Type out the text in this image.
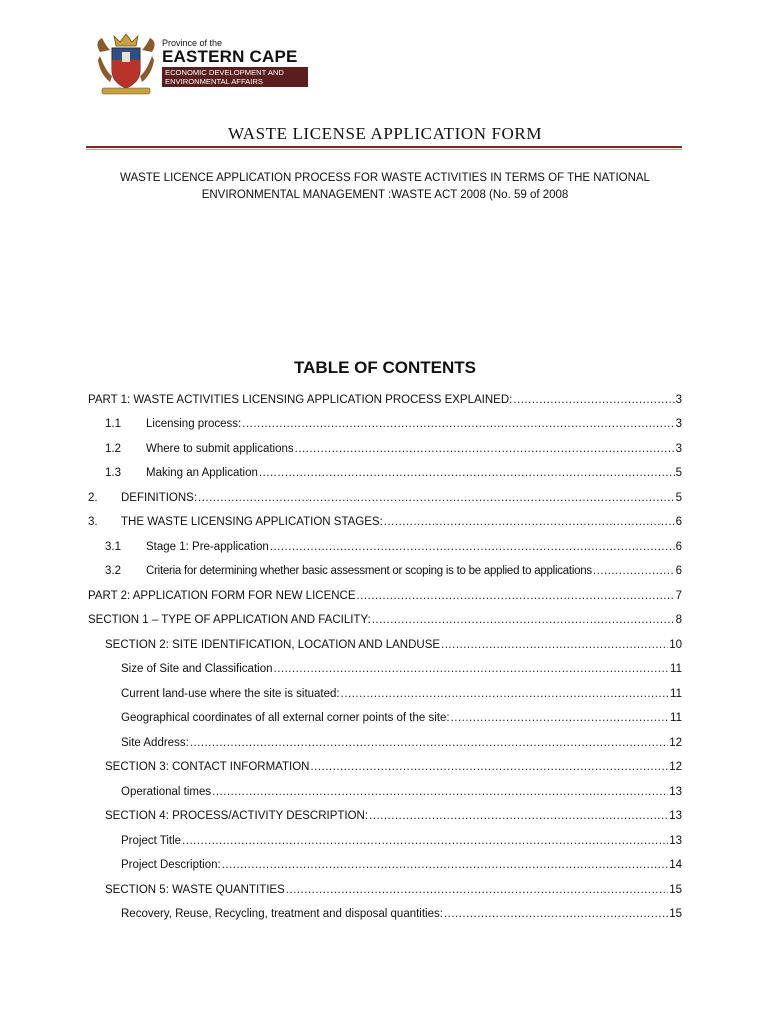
Province of the
EASTERN CAPE
ECONOMIC DEVELOPMENT AND
ENVIRONMENTAL AFFAIRS
WASTE LICENSE APPLICATION FORM
WASTE LICENCE APPLICATION PROCESS FOR WASTE ACTIVITIES IN TERMS OF THE NATIONAL
ENVIRONMENTAL MANAGEMENT :WASTE ACT 2008 (No. 59 of 2008
TABLE OF CONTENTS
PART 1: WASTE ACTIVITIES LICENSING APPLICATION PROCESS EXPLAINED: .....	3
1.1	Licensing process: .....	3
1.2	Where to submit applications .....	3
1.3	Making an Application .....	5
2.	DEFINITIONS: .....	5
3.	THE WASTE LICENSING APPLICATION STAGES: .....	6
3.1	Stage 1: Pre-application .....	6
3.2	Criteria for determining whether basic assessment or scoping is to be applied to applications .....	6
PART 2: APPLICATION FORM FOR NEW LICENCE .....	7
SECTION 1 – TYPE OF APPLICATION AND FACILITY: .....	8
SECTION 2: SITE IDENTIFICATION, LOCATION AND LANDUSE .....	10
Size of Site and Classification .....	11
Current land-use where the site is situated: .....	11
Geographical coordinates of all external corner points of the site: .....	11
Site Address: .....	12
SECTION 3: CONTACT INFORMATION .....	12
Operational times .....	13
SECTION 4: PROCESS/ACTIVITY DESCRIPTION: .....	13
Project Title .....	13
Project Description: .....	14
SECTION 5: WASTE QUANTITIES .....	15
Recovery, Reuse, Recycling, treatment and disposal quantities: .....	15
